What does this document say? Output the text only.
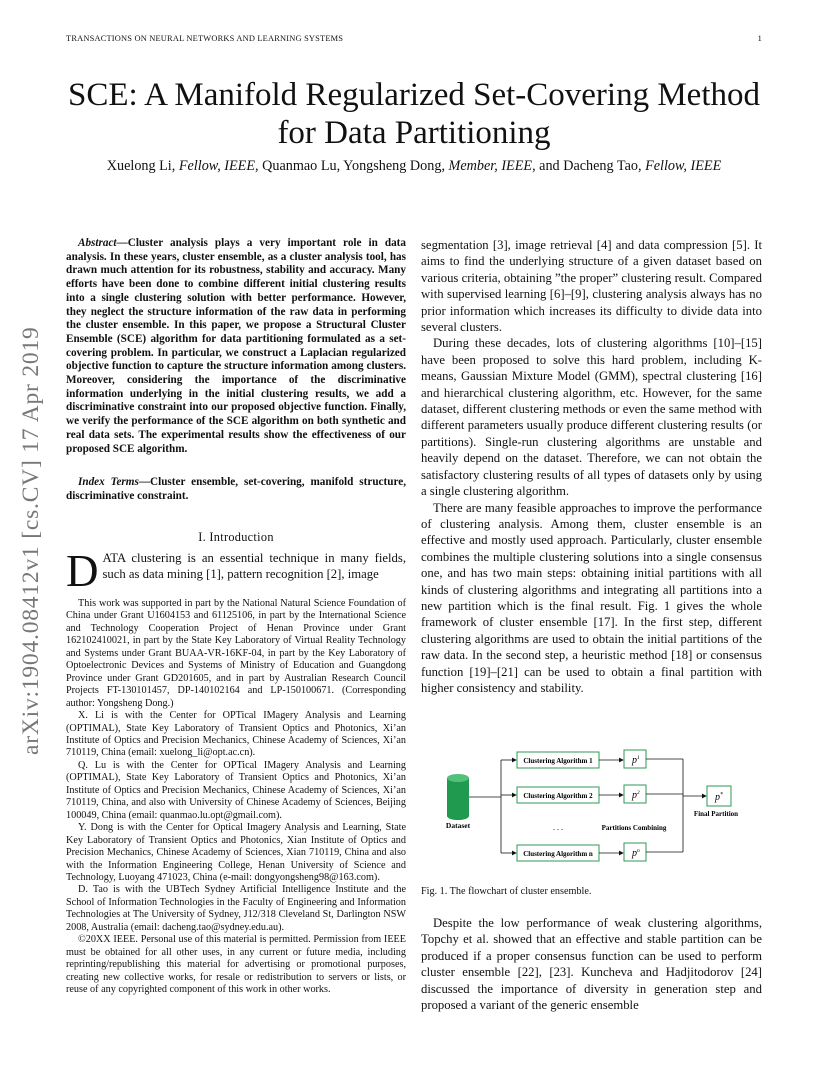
TRANSACTIONS ON NEURAL NETWORKS AND LEARNING SYSTEMS	1
SCE: A Manifold Regularized Set-Covering Method
for Data Partitioning
Xuelong Li, Fellow, IEEE, Quanmao Lu, Yongsheng Dong, Member, IEEE, and Dacheng Tao, Fellow, IEEE
arXiv:1904.08412v1 [cs.CV] 17 Apr 2019

Abstract—Cluster analysis plays a very important role in data analysis. In these years, cluster ensemble, as a cluster analysis tool, has drawn much attention for its robustness, stability and accuracy. Many efforts have been done to combine different initial clustering results into a single clustering solution with better performance. However, they neglect the structure information of the raw data in performing the cluster ensemble. In this paper, we propose a Structural Cluster Ensemble (SCE) algorithm for data partitioning formulated as a set-covering problem. In particular, we construct a Laplacian regularized objective function to capture the structure information among clusters. Moreover, considering the importance of the discriminative information underlying in the initial clustering results, we add a discriminative constraint into our proposed objective function. Finally, we verify the performance of the SCE algorithm on both synthetic and real data sets. The experimental results show the effectiveness of our proposed SCE algorithm.

Index Terms—Cluster ensemble, set-covering, manifold structure, discriminative constraint.

I. Introduction
DATA clustering is an essential technique in many fields, such as data mining [1], pattern recognition [2], image

This work was supported in part by the National Natural Science Foundation of China under Grant U1604153 and 61125106, in part by the International Science and Technology Cooperation Project of Henan Province under Grant 162102410021, in part by the State Key Laboratory of Virtual Reality Technology and Systems under Grant BUAA-VR-16KF-04, in part by the Key Laboratory of Optoelectronic Devices and Systems of Ministry of Education and Guangdong Province under Grant GD201605, and in part by Australian Research Council Projects FT-130101457, DP-140102164 and LP-150100671. (Corresponding author: Yongsheng Dong.)

X. Li is with the Center for OPTical IMagery Analysis and Learning (OPTIMAL), State Key Laboratory of Transient Optics and Photonics, Xi’an Institute of Optics and Precision Mechanics, Chinese Academy of Sciences, Xi’an 710119, China (email: xuelong_li@opt.ac.cn).

Q. Lu is with the Center for OPTical IMagery Analysis and Learning (OPTIMAL), State Key Laboratory of Transient Optics and Photonics, Xi’an Institute of Optics and Precision Mechanics, Chinese Academy of Sciences, Xi’an 710119, China, and also with University of Chinese Academy of Sciences, Beijing 100049, China (email: quanmao.lu.opt@gmail.com).

Y. Dong is with the Center for Optical Imagery Analysis and Learning, State Key Laboratory of Transient Optics and Photonics, Xian Institute of Optics and Precision Mechanics, Chinese Academy of Sciences, Xian 710119, China and also with the Information Engineering College, Henan University of Science and Technology, Luoyang 471023, China (e-mail: dongyongsheng98@163.com).

D. Tao is with the UBTech Sydney Artificial Intelligence Institute and the School of Information Technologies in the Faculty of Engineering and Information Technologies at The University of Sydney, J12/318 Cleveland St, Darlington NSW 2008, Australia (email: dacheng.tao@sydney.edu.au).

©20XX IEEE. Personal use of this material is permitted. Permission from IEEE must be obtained for all other uses, in any current or future media, including reprinting/republishing this material for advertising or promotional purposes, creating new collective works, for resale or redistribution to servers or lists, or reuse of any copyrighted component of this work in other works.

segmentation [3], image retrieval [4] and data compression [5]. It aims to find the underlying structure of a given dataset based on various criteria, obtaining ”the proper” clustering result. Compared with supervised learning [6]–[9], clustering analysis always has no prior information which increases its difficulty to divide data into several clusters.

During these decades, lots of clustering algorithms [10]–[15] have been proposed to solve this hard problem, including K-means, Gaussian Mixture Model (GMM), spectral clustering [16] and hierarchical clustering algorithm, etc. However, for the same dataset, different clustering methods or even the same method with different parameters usually produce different clustering results (or partitions). Single-run clustering algorithms are unstable and heavily depend on the dataset. Therefore, we can not obtain the satisfactory clustering results of all types of datasets only by using a single clustering algorithm.

There are many feasible approaches to improve the performance of clustering analysis. Among them, cluster ensemble is an effective and mostly used approach. Particularly, cluster ensemble combines the multiple clustering solutions into a single consensus one, and has two main steps: obtaining initial partitions with all kinds of clustering algorithms and integrating all partitions into a new partition which is the final result. Fig. 1 gives the whole framework of cluster ensemble [17]. In the first step, different clustering algorithms are used to obtain the initial partitions of the raw data. In the second step, a heuristic method [18] or consensus function [19]–[21] can be used to obtain a final partition with higher consistency and stability.

Dataset
Clustering Algorithm 1
Clustering Algorithm 2
Clustering Algorithm n
. . .
$p^1$
$p^2$
$p^n$
Partitions Combining
p*
Final Partition
Fig. 1. The flowchart of cluster ensemble.

Despite the low performance of weak clustering algorithms, Topchy et al. showed that an effective and stable partition can be produced if a proper consensus function can be used to perform cluster ensemble [22], [23]. Kuncheva and Hadjitodorov [24] discussed the importance of diversity in generation step and proposed a variant of the generic ensemble
